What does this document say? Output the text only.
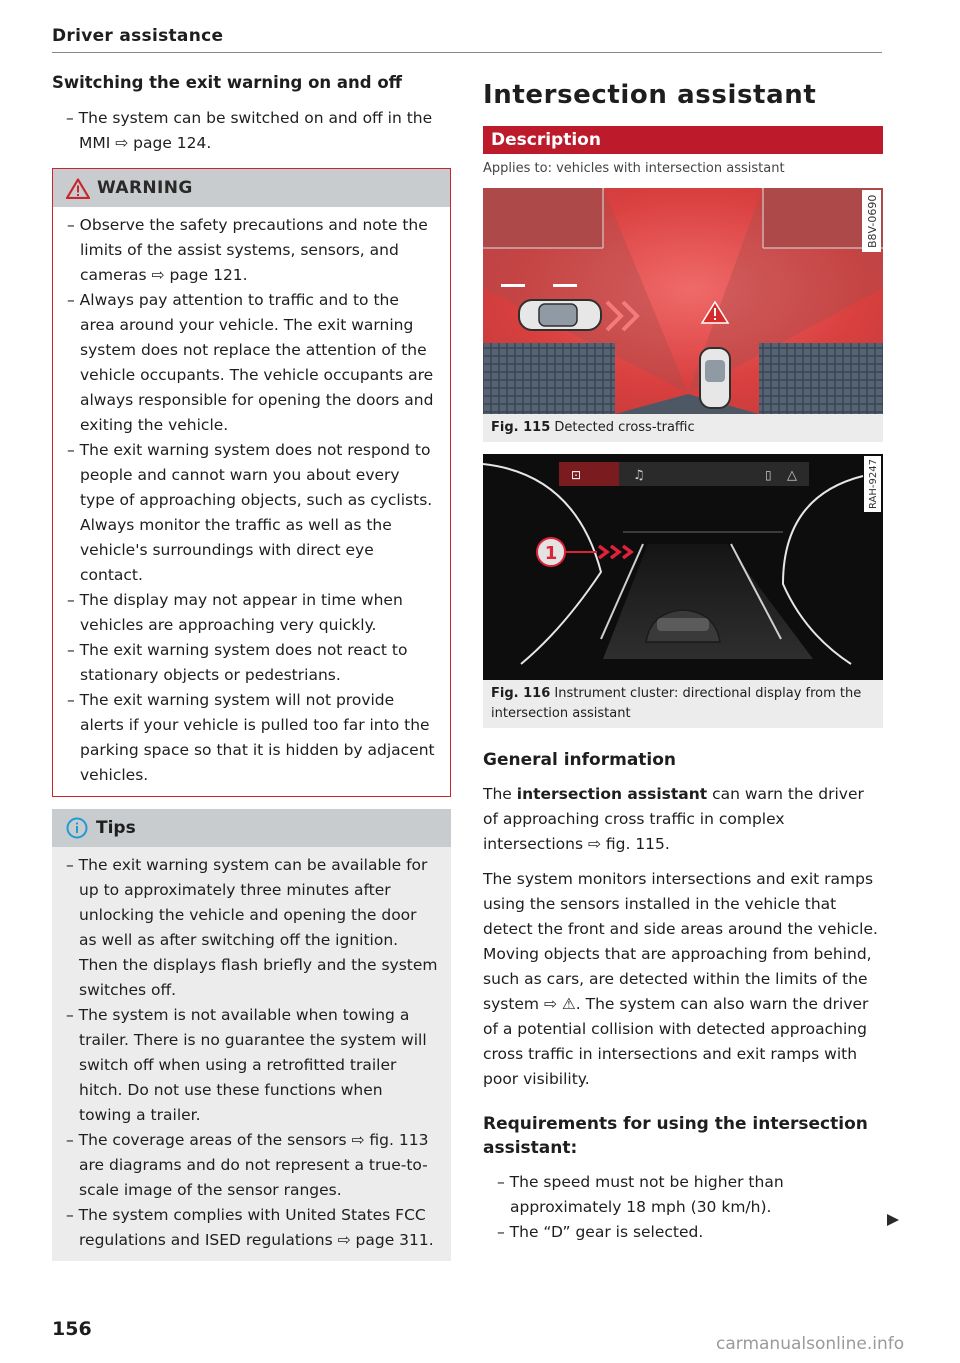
Driver assistance
Switching the exit warning on and off
– The system can be switched on and off in the MMI ⇨ page 124.
WARNING
– Observe the safety precautions and note the limits of the assist systems, sensors, and cameras ⇨ page 121.
– Always pay attention to traffic and to the area around your vehicle. The exit warning system does not replace the attention of the vehicle occupants. The vehicle occupants are always responsible for opening the doors and exiting the vehicle.
– The exit warning system does not respond to people and cannot warn you about every type of approaching objects, such as cyclists. Always monitor the traffic as well as the vehicle's surroundings with direct eye contact.
– The display may not appear in time when vehicles are approaching very quickly.
– The exit warning system does not react to stationary objects or pedestrians.
– The exit warning system will not provide alerts if your vehicle is pulled too far into the parking space so that it is hidden by adjacent vehicles.
Tips
– The exit warning system can be available for up to approximately three minutes after unlocking the vehicle and opening the door as well as after switching off the ignition. Then the displays flash briefly and the system switches off.
– The system is not available when towing a trailer. There is no guarantee the system will switch off when using a retrofitted trailer hitch. Do not use these functions when towing a trailer.
– The coverage areas of the sensors ⇨ fig. 113 are diagrams and do not represent a true-to-scale image of the sensor ranges.
– The system complies with United States FCC regulations and ISED regulations ⇨ page 311.
Intersection assistant
Description
Applies to: vehicles with intersection assistant
B8V-0690
Fig. 115 Detected cross-traffic
⊡	♫	▯ △
1
RAH-9247
Fig. 116 Instrument cluster: directional display from the intersection assistant
General information

The intersection assistant can warn the driver of approaching cross traffic in complex intersections ⇨ fig. 115.

The system monitors intersections and exit ramps using the sensors installed in the vehicle that detect the front and side areas around the vehicle. Moving objects that are approaching from behind, such as cars, are detected within the limits of the system ⇨ ⚠. The system can also warn the driver of a potential collision with detected approaching cross traffic in intersections and exit ramps with poor visibility.

Requirements for using the intersection assistant:
– The speed must not be higher than approximately 18 mph (30 km/h).
– The “D” gear is selected.
156
carmanualsonline.info
